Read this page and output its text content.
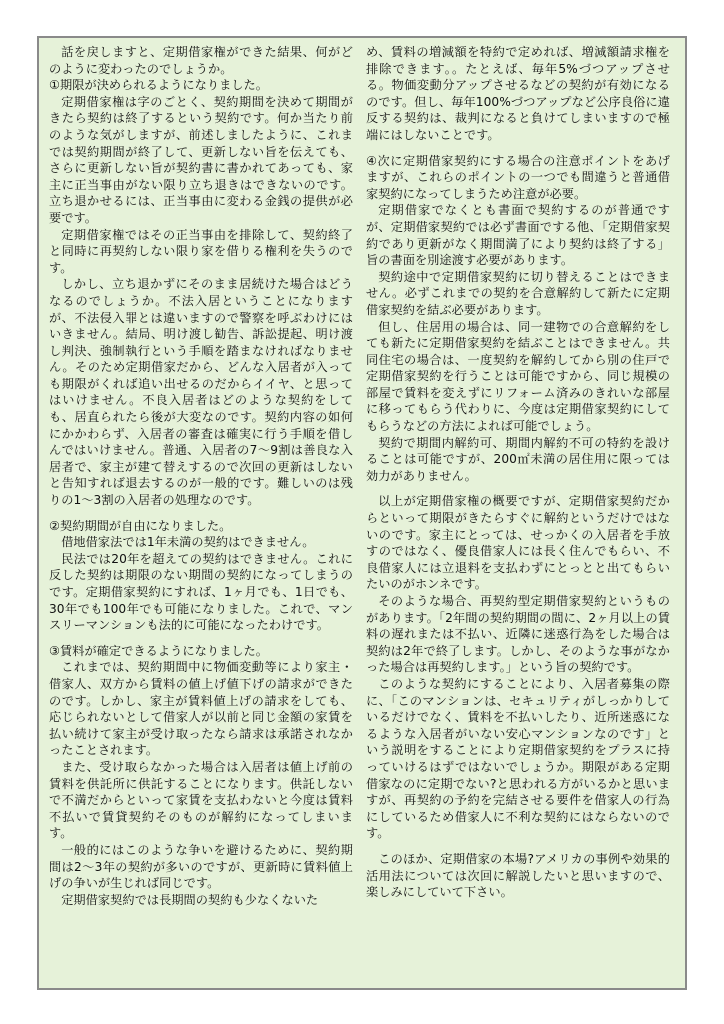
話を戻しますと、定期借家権ができた結果、何がどのように変わったのでしょうか。

①期限が決められるようになりました。

定期借家権は字のごとく、契約期間を決めて期間がきたら契約は終了するという契約です。何か当たり前のような気がしますが、前述しましたように、これまでは契約期間が終了して、更新しない旨を伝えても、さらに更新しない旨が契約書に書かれてあっても、家主に正当事由がない限り立ち退きはできないのです。立ち退かせるには、正当事由に変わる金銭の提供が必要です。

定期借家権ではその正当事由を排除して、契約終了と同時に再契約しない限り家を借りる権利を失うのです。

しかし、立ち退かずにそのまま居続けた場合はどうなるのでしょうか。不法入居ということになりますが、不法侵入罪とは違いますので警察を呼ぶわけにはいきません。結局、明け渡し勧告、訴訟提起、明け渡し判決、強制執行という手順を踏まなければなりません。そのため定期借家だから、どんな入居者が入っても期限がくれば追い出せるのだからイイヤ、と思ってはいけません。不良入居者はどのような契約をしても、居直られたら後が大変なのです。契約内容の如何にかかわらず、入居者の審査は確実に行う手順を借しんではいけません。普通、入居者の7～9割は善良な入居者で、家主が建て替えするので次回の更新はしないと告知すれば退去するのが一般的です。難しいのは残りの1～3割の入居者の処理なのです。

②契約期間が自由になりました。

借地借家法では1年未満の契約はできません。

民法では20年を超えての契約はできません。これに反した契約は期限のない期間の契約になってしまうのです。定期借家契約にすれば、1ヶ月でも、1日でも、30年でも100年でも可能になりました。これで、マンスリーマンションも法的に可能になったわけです。

③賃料が確定できるようになりました。

これまでは、契約期間中に物価変動等により家主・借家人、双方から賃料の値上げ値下げの請求ができたのです。しかし、家主が賃料値上げの請求をしても、応じられないとして借家人が以前と同じ金額の家賃を払い続けて家主が受け取ったなら請求は承諾されなかったことされます。

また、受け取らなかった場合は入居者は値上げ前の賃料を供託所に供託することになります。供託しないで不満だからといって家賃を支払わないと今度は賃料不払いで賃貸契約そのものが解約になってしまいます。

一般的にはこのような争いを避けるために、契約期間は2～3年の契約が多いのですが、更新時に賃料値上げの争いが生じれば同じです。

定期借家契約では長期間の契約も少なくないた

め、賃料の増減額を特約で定めれば、増減額請求権を排除できます。。たとえば、毎年5%づつアップさせる。物価変動分アップさせるなどの契約が有効になるのです。但し、毎年100%づつアップなど公序良俗に違反する契約は、裁判になると負けてしまいますので極端にはしないことです。

④次に定期借家契約にする場合の注意ポイントをあげますが、これらのポイントの一つでも間違うと普通借家契約になってしまうため注意が必要。

定期借家でなくとも書面で契約するのが普通ですが、定期借家契約では必ず書面でする他、「定期借家契約であり更新がなく期間満了により契約は終了する」旨の書面を別途渡す必要があります。

契約途中で定期借家契約に切り替えることはできません。必ずこれまでの契約を合意解約して新たに定期借家契約を結ぶ必要があります。

但し、住居用の場合は、同一建物での合意解約をしても新たに定期借家契約を結ぶことはできません。共同住宅の場合は、一度契約を解約してから別の住戸で定期借家契約を行うことは可能ですから、同じ規模の部屋で賃料を変えずにリフォーム済みのきれいな部屋に移ってもらう代わりに、今度は定期借家契約にしてもらうなどの方法によれば可能でしょう。

契約で期間内解約可、期間内解約不可の特約を設けることは可能ですが、200㎡未満の居住用に限っては効力がありません。

以上が定期借家権の概要ですが、定期借家契約だからといって期限がきたらすぐに解約というだけではないのです。家主にとっては、せっかくの入居者を手放すのではなく、優良借家人には長く住んでもらい、不良借家人には立退料を支払わずにとっとと出てもらいたいのがホンネです。

そのような場合、再契約型定期借家契約というものがあります。「2年間の契約期間の間に、2ヶ月以上の賃料の遅れまたは不払い、近隣に迷惑行為をした場合は契約は2年で終了します。しかし、そのような事がなかった場合は再契約します。」という旨の契約です。

このような契約にすることにより、入居者募集の際に、「このマンションは、セキュリティがしっかりしているだけでなく、賃料を不払いしたり、近所迷惑になるような入居者がいない安心マンションなのです」という説明をすることにより定期借家契約をプラスに持っていけるはずではないでしょうか。期限がある定期借家なのに定期でない?と思われる方がいるかと思いますが、再契約の予約を完結させる要件を借家人の行為にしているため借家人に不利な契約にはならないのです。

このほか、定期借家の本場?アメリカの事例や効果的活用法については次回に解説したいと思いますので、楽しみにしていて下さい。
